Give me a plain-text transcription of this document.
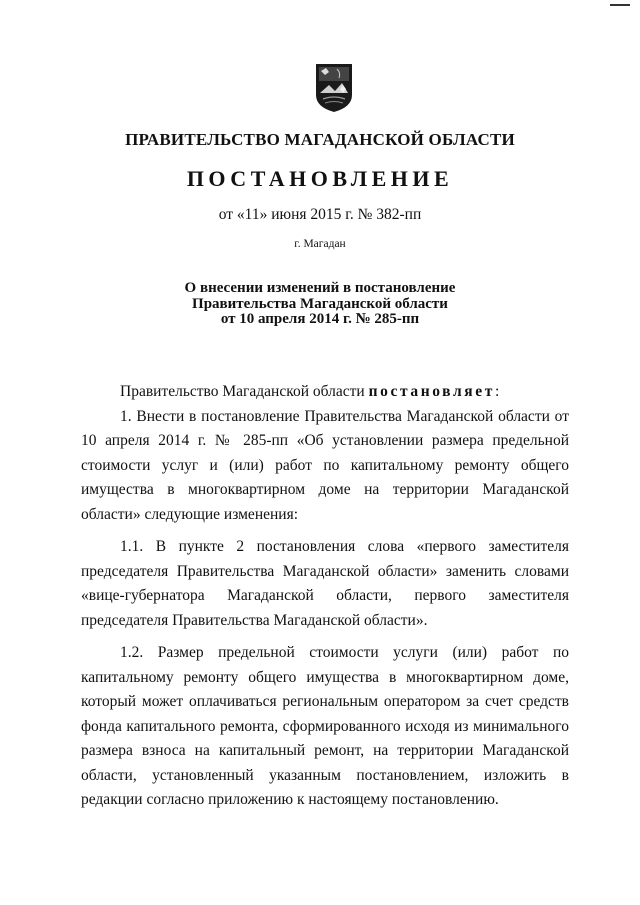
ПРАВИТЕЛЬСТВО МАГАДАНСКОЙ ОБЛАСТИ
ПОСТАНОВЛЕНИЕ
от «11» июня 2015 г. № 382-пп
г. Магадан
О внесении изменений в постановление
Правительства Магаданской области
от 10 апреля 2014 г. № 285-пп

Правительство Магаданской области постановляет:

1. Внести в постановление Правительства Магаданской области от 10 апреля 2014 г. № 285-пп «Об установлении размера предельной стоимости услуг и (или) работ по капитальному ремонту общего имущества в многоквартирном доме на территории Магаданской области» следующие изменения:

1.1. В пункте 2 постановления слова «первого заместителя председателя Правительства Магаданской области» заменить словами «вице-губернатора Магаданской области, первого заместителя

председателя Правительства Магаданской области».

1.2. Размер предельной стоимости услуги (или) работ по капитальному ремонту общего имущества в многоквартирном доме, который может оплачиваться региональным оператором за счет средств фонда капитального ремонта, сформированного исходя из минимального размера взноса на капитальный ремонт, на территории Магаданской области, установленный указанным постановлением, изложить в редакции согласно приложению к настоящему постановлению.
